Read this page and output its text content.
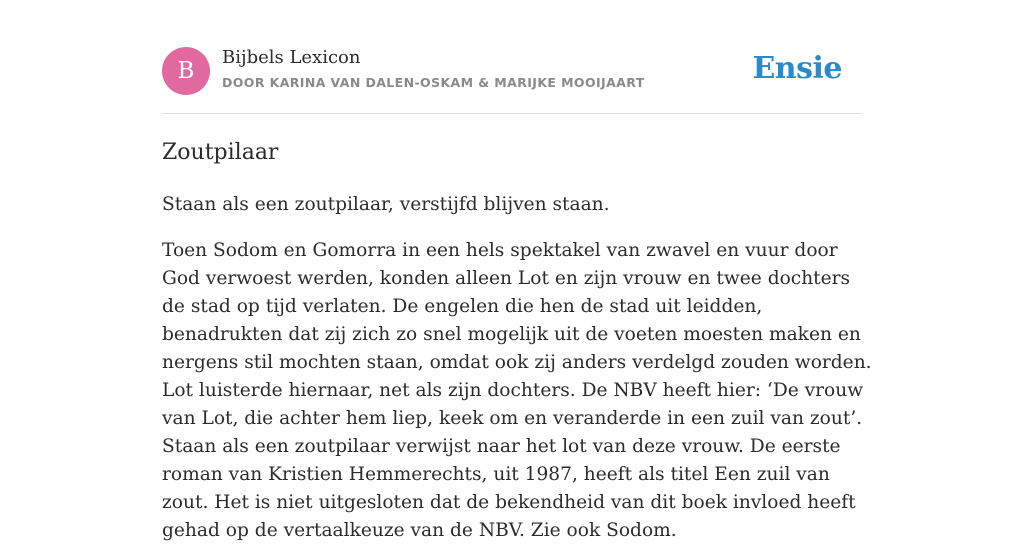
B
Bijbels Lexicon
DOOR KARINA VAN DALEN-OSKAM & MARIJKE MOOIJAART	Ensie
Zoutpilaar

Staan als een zoutpilaar, verstijfd blijven staan.

Toen Sodom en Gomorra in een hels spektakel van zwavel en vuur door God verwoest werden, konden alleen Lot en zijn vrouw en twee dochters de stad op tijd verlaten. De engelen die hen de stad uit leidden, benadrukten dat zij zich zo snel mogelijk uit de voeten moesten maken en nergens stil mochten staan, omdat ook zij anders verdelgd zouden worden. Lot luisterde hiernaar, net als zijn dochters. De NBV heeft hier: ‘De vrouw van Lot, die achter hem liep, keek om en veranderde in een zuil van zout’. Staan als een zoutpilaar verwijst naar het lot van deze vrouw. De eerste roman van Kristien Hemmerechts, uit 1987, heeft als titel Een zuil van zout. Het is niet uitgesloten dat de bekendheid van dit boek invloed heeft gehad op de vertaalkeuze van de NBV. Zie ook Sodom.
